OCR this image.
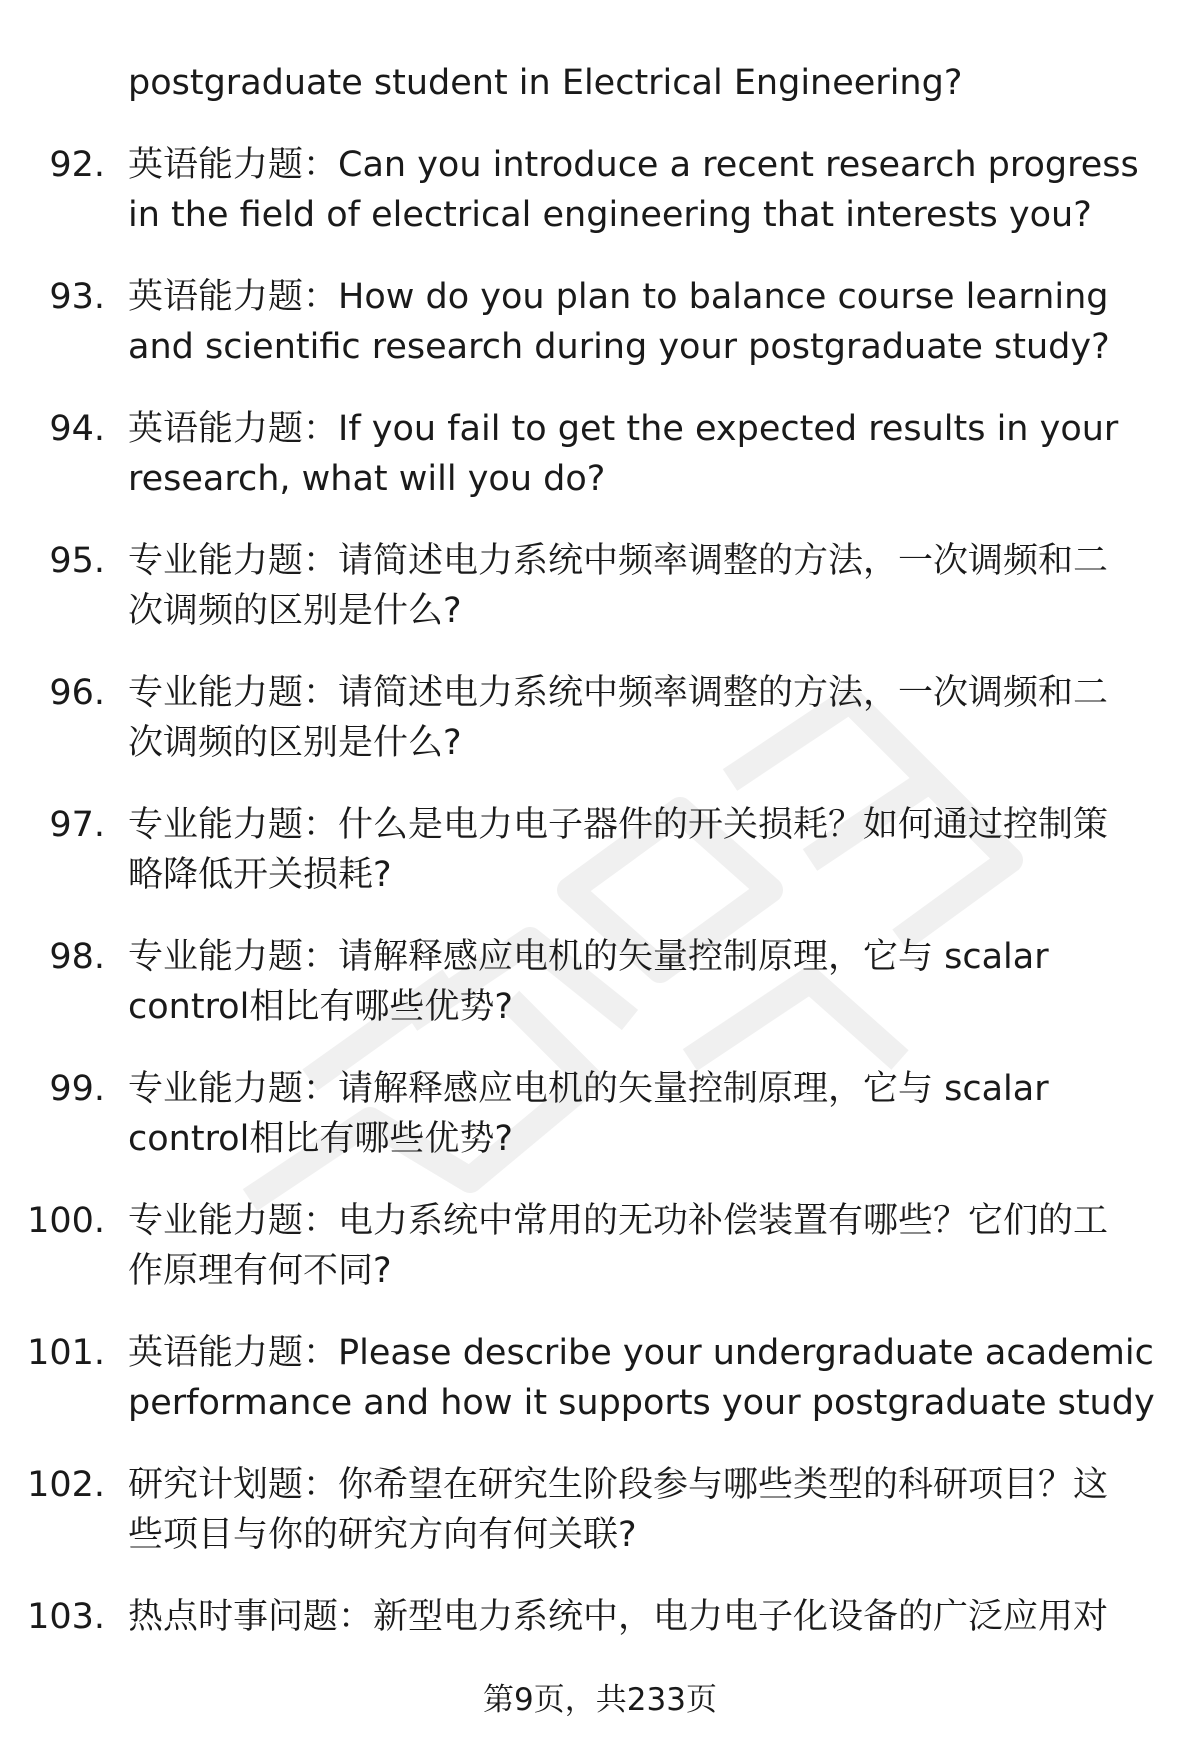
postgraduate student in Electrical Engineering?
92. 英语能力题：Can you introduce a recent research progress
in the field of electrical engineering that interests you?
93. 英语能力题：How do you plan to balance course learning
and scientific research during your postgraduate study?
94. 英语能力题：If you fail to get the expected results in your
research, what will you do?
95. 专业能力题：请简述电力系统中频率调整的方法，一次调频和二
次调频的区别是什么?
96. 专业能力题：请简述电力系统中频率调整的方法，一次调频和二
次调频的区别是什么?
97. 专业能力题：什么是电力电子器件的开关损耗？如何通过控制策
略降低开关损耗?
98. 专业能力题：请解释感应电机的矢量控制原理，它与 scalar
control相比有哪些优势?
99. 专业能力题：请解释感应电机的矢量控制原理，它与 scalar
control相比有哪些优势?
100. 专业能力题：电力系统中常用的无功补偿装置有哪些？它们的工
作原理有何不同?
101. 英语能力题：Please describe your undergraduate academic
performance and how it supports your postgraduate study
102. 研究计划题：你希望在研究生阶段参与哪些类型的科研项目？这
些项目与你的研究方向有何关联?
103. 热点时事问题：新型电力系统中，电力电子化设备的广泛应用对
第9页，共233页
